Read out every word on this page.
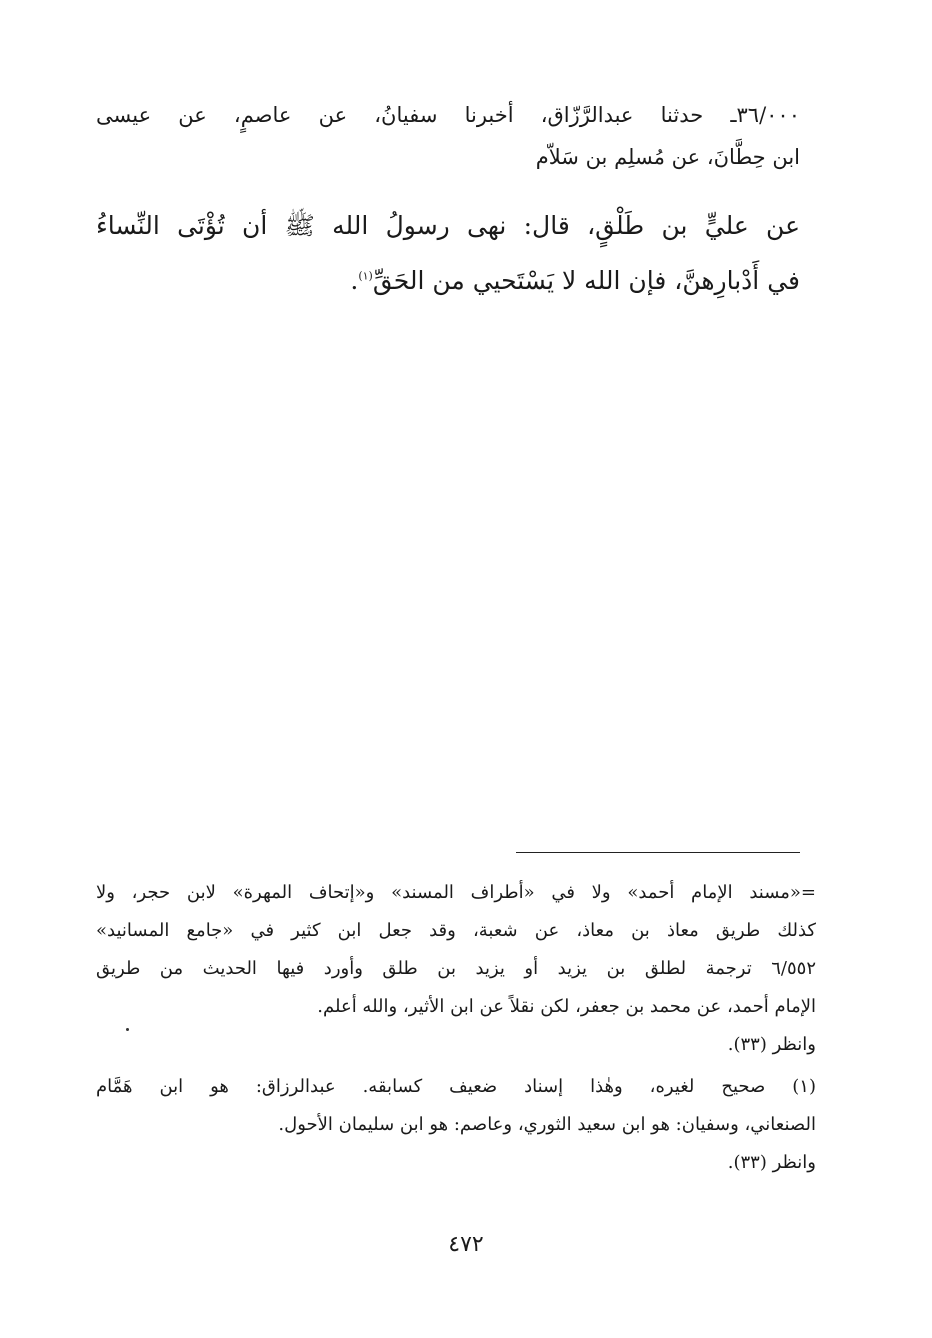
٣٦/٠٠٠ـ حدثنا عبدالرَّزّاق، أخبرنا سفيانُ، عن عاصمٍ، عن عيسى
ابن حِطَّانَ، عن مُسلِم بن سَلاّم
عن عليٍّ بن طَلْقٍ، قال: نهى رسولُ الله ﷺ أن تُؤْتَى النِّساءُ
في أَدْبارِهنَّ، فإن الله لا يَسْتَحيي من الحَقِّ$^{(١)}$.
=«مسند الإمام أحمد» ولا في «أطراف المسند» و«إتحاف المهرة» لابن حجر، ولا
كذلك طريق معاذ بن معاذ، عن شعبة، وقد جعل ابن كثير في «جامع المسانيد»
٦/٥٥٢ ترجمة لطلق بن يزيد أو يزيد بن طلق وأورد فيها الحديث من طريق
الإمام أحمد، عن محمد بن جعفر، لكن نقلاً عن ابن الأثير، والله أعلم.
وانظر (٣٣).
(١) صحيح لغيره، وهٰذا إسناد ضعيف كسابقه. عبدالرزاق: هو ابن هَمَّام
الصنعاني، وسفيان: هو ابن سعيد الثوري، وعاصم: هو ابن سليمان الأحول.
وانظر (٣٣).
٤٧٢
